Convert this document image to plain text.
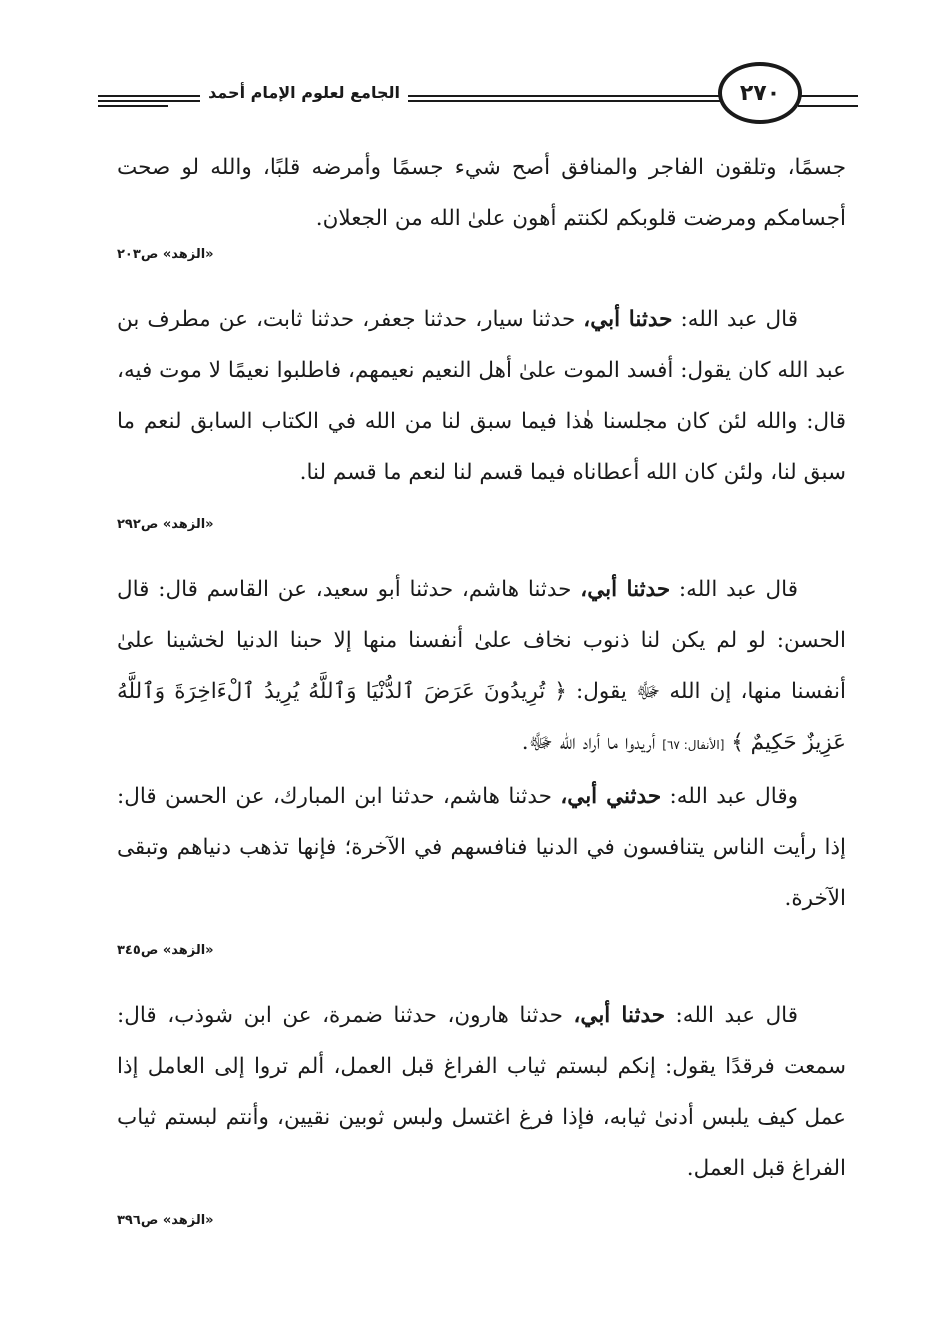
الجامع لعلوم الإمام أحمد	٢٧٠

جسمًا، وتلقون الفاجر والمنافق أصح شيء جسمًا وأمرضه قلبًا، والله لو صحت أجسامكم ومرضت قلوبكم لكنتم أهون علىٰ الله من الجعلان.

«الزهد» ص٢٠٣

قال عبد الله: حدثنا أبي، حدثنا سيار، حدثنا جعفر، حدثنا ثابت، عن مطرف بن عبد الله كان يقول: أفسد الموت علىٰ أهل النعيم نعيمهم، فاطلبوا نعيمًا لا موت فيه، قال: والله لئن كان مجلسنا هٰذا فيما سبق لنا من الله في الكتاب السابق لنعم ما سبق لنا، ولئن كان الله أعطاناه فيما قسم لنا لنعم ما قسم لنا.

«الزهد» ص٢٩٢

قال عبد الله: حدثنا أبي، حدثنا هاشم، حدثنا أبو سعيد، عن القاسم قال: قال الحسن: لو لم يكن لنا ذنوب نخاف علىٰ أنفسنا منها إلا حبنا الدنيا لخشينا علىٰ أنفسنا منها، إن الله ﷻ يقول: ﴿ تُرِيدُونَ عَرَضَ ٱلدُّنْيَا وَٱللَّهُ يُرِيدُ ٱلْءَاخِرَةَ وَٱللَّهُ عَزِيزٌ حَكِيمٌ ﴾ [الأنفال: ٦٧] أريدوا ما أراد الله ﷻ.

وقال عبد الله: حدثني أبي، حدثنا هاشم، حدثنا ابن المبارك، عن الحسن قال: إذا رأيت الناس يتنافسون في الدنيا فنافسهم في الآخرة؛ فإنها تذهب دنياهم وتبقى الآخرة.

«الزهد» ص٣٤٥

قال عبد الله: حدثنا أبي، حدثنا هارون، حدثنا ضمرة، عن ابن شوذب، قال: سمعت فرقدًا يقول: إنكم لبستم ثياب الفراغ قبل العمل، ألم تروا إلى العامل إذا عمل كيف يلبس أدنىٰ ثيابه، فإذا فرغ اغتسل ولبس ثوبين نقيين، وأنتم لبستم ثياب الفراغ قبل العمل.

«الزهد» ص٣٩٦
